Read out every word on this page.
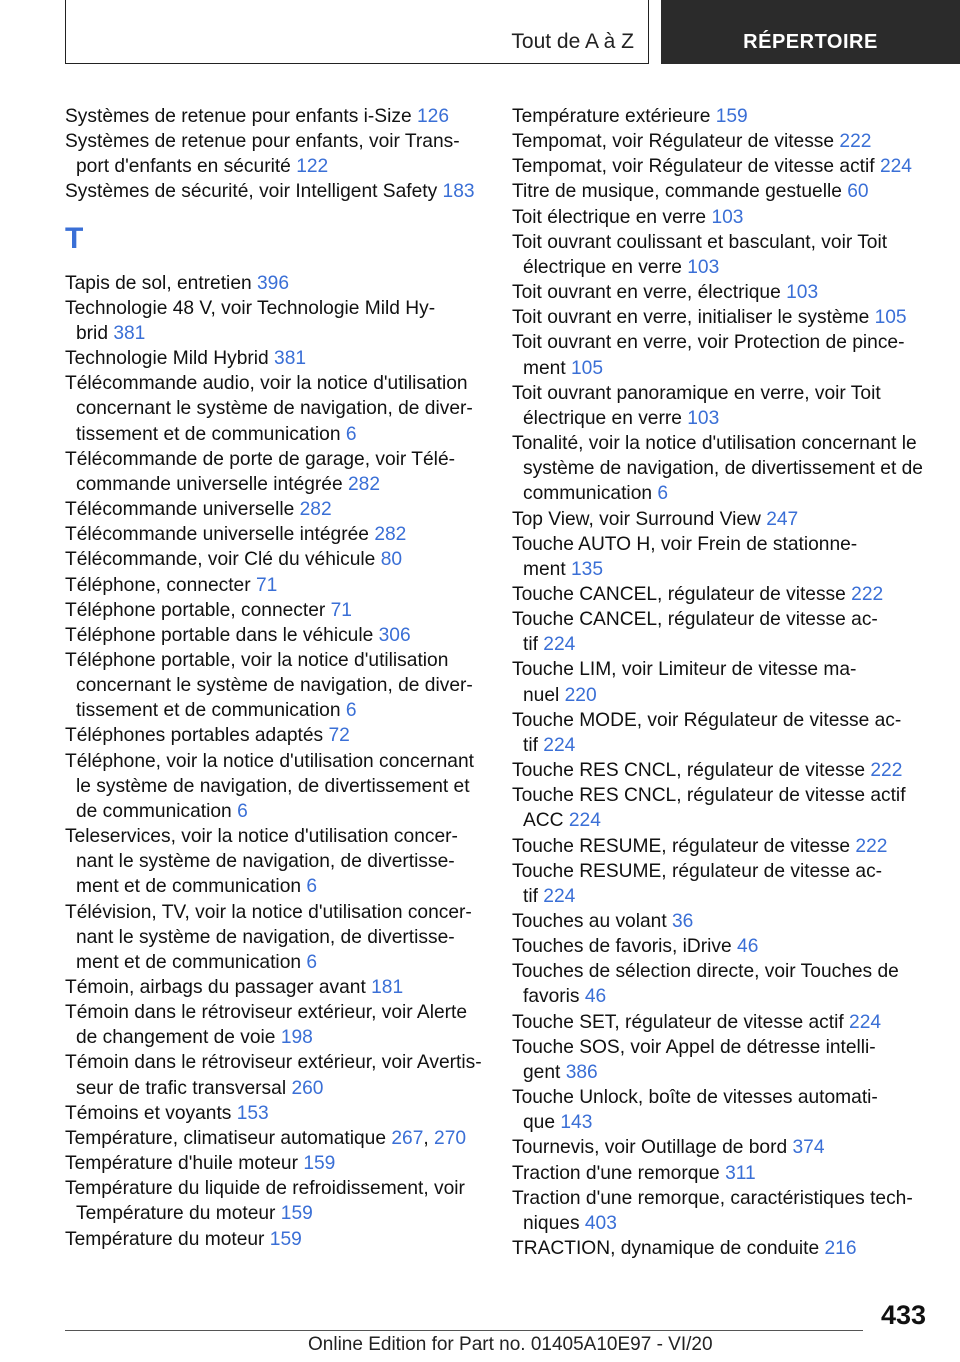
Tout de A à Z	RÉPERTOIRE
Systèmes de retenue pour enfants i-Size 126
Systèmes de retenue pour enfants, voir Trans-
port d'enfants en sécurité 122
Systèmes de sécurité, voir Intelligent Safety 183
T
Tapis de sol, entretien 396
Technologie 48 V, voir Technologie Mild Hy-
brid 381
Technologie Mild Hybrid 381
Télécommande audio, voir la notice d'utilisation
concernant le système de navigation, de diver-
tissement et de communication 6
Télécommande de porte de garage, voir Télé-
commande universelle intégrée 282
Télécommande universelle 282
Télécommande universelle intégrée 282
Télécommande, voir Clé du véhicule 80
Téléphone, connecter 71
Téléphone portable, connecter 71
Téléphone portable dans le véhicule 306
Téléphone portable, voir la notice d'utilisation
concernant le système de navigation, de diver-
tissement et de communication 6
Téléphones portables adaptés 72
Téléphone, voir la notice d'utilisation concernant
le système de navigation, de divertissement et
de communication 6
Teleservices, voir la notice d'utilisation concer-
nant le système de navigation, de divertisse-
ment et de communication 6
Télévision, TV, voir la notice d'utilisation concer-
nant le système de navigation, de divertisse-
ment et de communication 6
Témoin, airbags du passager avant 181
Témoin dans le rétroviseur extérieur, voir Alerte
de changement de voie 198
Témoin dans le rétroviseur extérieur, voir Avertis-
seur de trafic transversal 260
Témoins et voyants 153
Température, climatiseur automatique 267, 270
Température d'huile moteur 159
Température du liquide de refroidissement, voir
Température du moteur 159
Température du moteur 159
Température extérieure 159
Tempomat, voir Régulateur de vitesse 222
Tempomat, voir Régulateur de vitesse actif 224
Titre de musique, commande gestuelle 60
Toit électrique en verre 103
Toit ouvrant coulissant et basculant, voir Toit
électrique en verre 103
Toit ouvrant en verre, électrique 103
Toit ouvrant en verre, initialiser le système 105
Toit ouvrant en verre, voir Protection de pince-
ment 105
Toit ouvrant panoramique en verre, voir Toit
électrique en verre 103
Tonalité, voir la notice d'utilisation concernant le
système de navigation, de divertissement et de
communication 6
Top View, voir Surround View 247
Touche AUTO H, voir Frein de stationne-
ment 135
Touche CANCEL, régulateur de vitesse 222
Touche CANCEL, régulateur de vitesse ac-
tif 224
Touche LIM, voir Limiteur de vitesse ma-
nuel 220
Touche MODE, voir Régulateur de vitesse ac-
tif 224
Touche RES CNCL, régulateur de vitesse 222
Touche RES CNCL, régulateur de vitesse actif
ACC 224
Touche RESUME, régulateur de vitesse 222
Touche RESUME, régulateur de vitesse ac-
tif 224
Touches au volant 36
Touches de favoris, iDrive 46
Touches de sélection directe, voir Touches de
favoris 46
Touche SET, régulateur de vitesse actif 224
Touche SOS, voir Appel de détresse intelli-
gent 386
Touche Unlock, boîte de vitesses automati-
que 143
Tournevis, voir Outillage de bord 374
Traction d'une remorque 311
Traction d'une remorque, caractéristiques tech-
niques 403
TRACTION, dynamique de conduite 216
433
Online Edition for Part no. 01405A10E97 - VI/20
